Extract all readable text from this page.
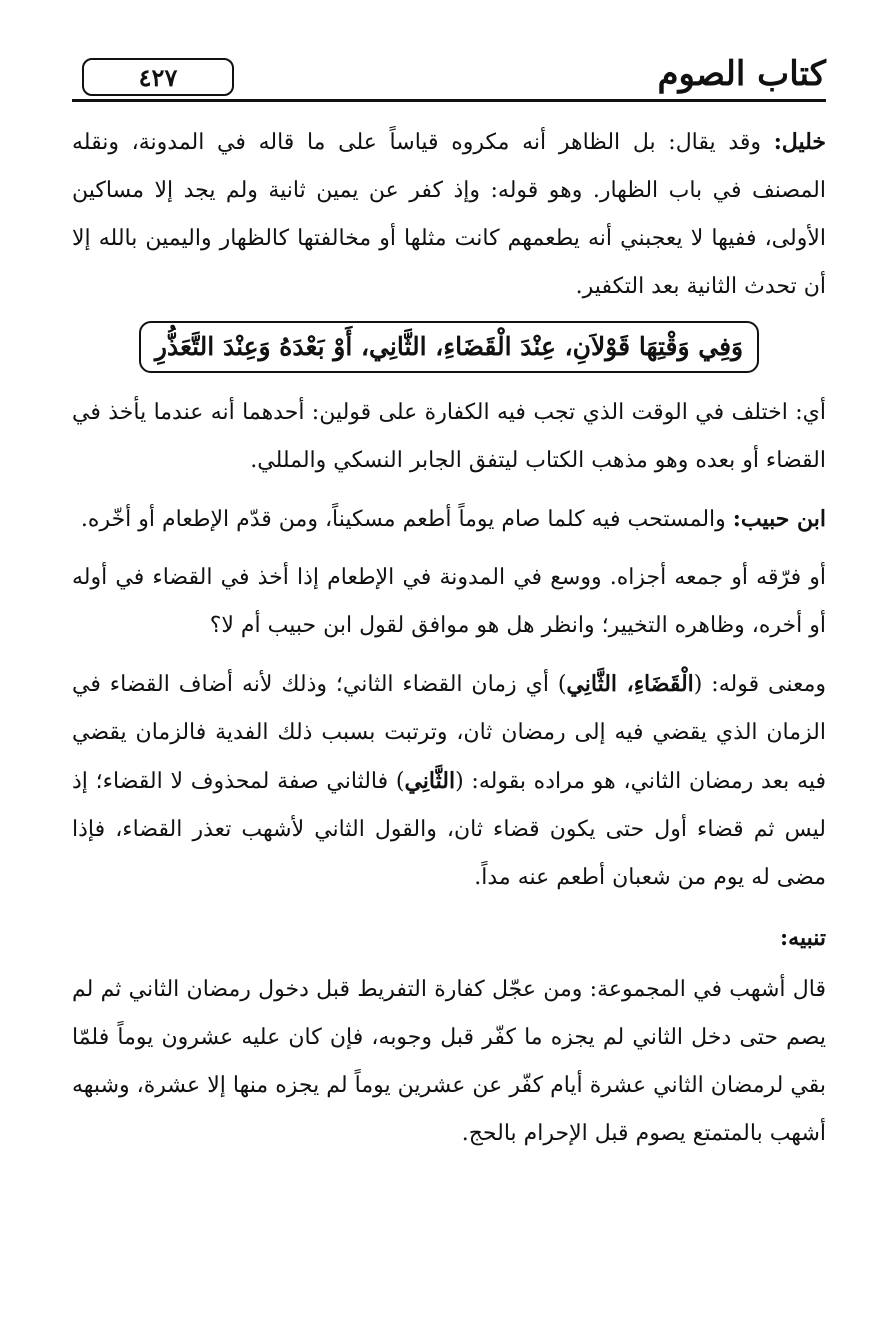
٤٢٧	كتاب الصوم

خليل: وقد يقال: بل الظاهر أنه مكروه قياساً على ما قاله في المدونة، ونقله المصنف في باب الظهار. وهو قوله: وإذ كفر عن يمين ثانية ولم يجد إلا مساكين الأولى، ففيها لا يعجبني أنه يطعمهم كانت مثلها أو مخالفتها كالظهار واليمين بالله إلا أن تحدث الثانية بعد التكفير.

وَفِي وَقْتِهَا قَوْلاَنِ، عِنْدَ الْقَضَاءِ، الثَّانِي، أَوْ بَعْدَهُ وَعِنْدَ التَّعَذُّرِ

أي: اختلف في الوقت الذي تجب فيه الكفارة على قولين: أحدهما أنه عندما يأخذ في القضاء أو بعده وهو مذهب الكتاب ليتفق الجابر النسكي والمللي.

ابن حبيب: والمستحب فيه كلما صام يوماً أطعم مسكيناً، ومن قدّم الإطعام أو أخّره.

أو فرّقه أو جمعه أجزاه. ووسع في المدونة في الإطعام إذا أخذ في القضاء في أوله أو أخره، وظاهره التخيير؛ وانظر هل هو موافق لقول ابن حبيب أم لا؟

ومعنى قوله: (الْقَضَاءِ، الثَّانِي) أي زمان القضاء الثاني؛ وذلك لأنه أضاف القضاء في الزمان الذي يقضي فيه إلى رمضان ثان، وترتبت بسبب ذلك الفدية فالزمان يقضي فيه بعد رمضان الثاني، هو مراده بقوله: (الثَّانِي) فالثاني صفة لمحذوف لا القضاء؛ إذ ليس ثم قضاء أول حتى يكون قضاء ثان، والقول الثاني لأشهب تعذر القضاء، فإذا مضى له يوم من شعبان أطعم عنه مداً.

تنبيه:

قال أشهب في المجموعة: ومن عجّل كفارة التفريط قبل دخول رمضان الثاني ثم لم يصم حتى دخل الثاني لم يجزه ما كفّر قبل وجوبه، فإن كان عليه عشرون يوماً فلمّا بقي لرمضان الثاني عشرة أيام كفّر عن عشرين يوماً لم يجزه منها إلا عشرة، وشبهه أشهب بالمتمتع يصوم قبل الإحرام بالحج.
